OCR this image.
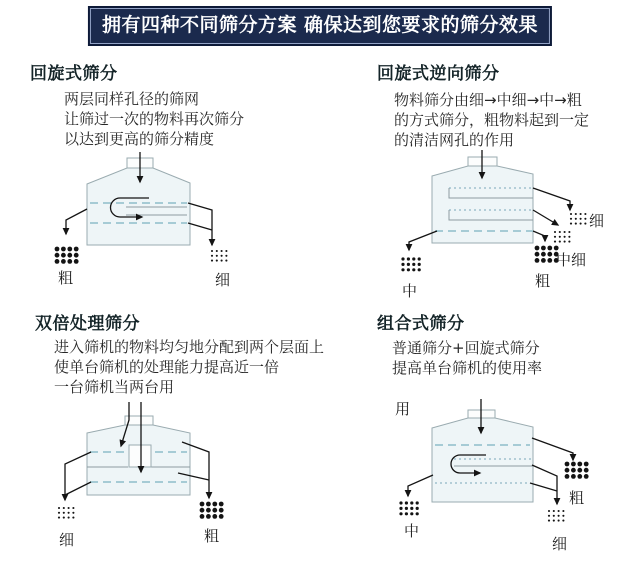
拥有四种不同筛分方案 确保达到您要求的筛分效果
回旋式筛分	回旋式逆向筛分
双倍处理筛分	组合式筛分
两层同样孔径的筛网
让筛过一次的物料再次筛分
以达到更高的筛分精度
物料筛分由细→中细→中→粗
的方式筛分，粗物料起到一定
的清洁网孔的作用
进入筛机的物料均匀地分配到两个层面上
使单台筛机的处理能力提高近一倍
一台筛机当两台用
普通筛分+回旋式筛分
提高单台筛机的使用率
粗	细
细
中细
粗
中
细	粗
用
粗
细
中
